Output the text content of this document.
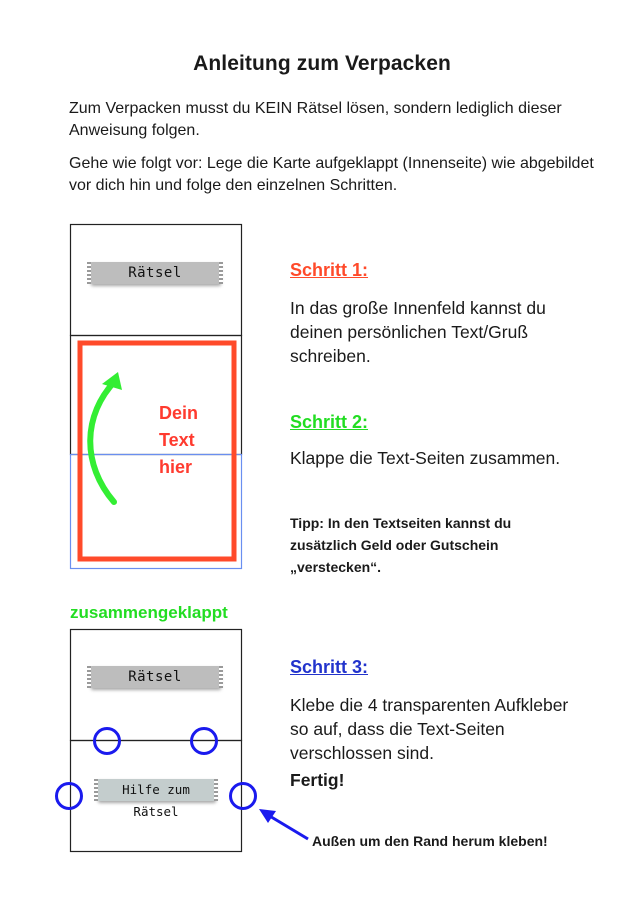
Anleitung zum Verpacken
Zum Verpacken musst du KEIN Rätsel lösen, sondern lediglich dieser Anweisung folgen.
Gehe wie folgt vor: Lege die Karte aufgeklappt (Innenseite) wie abgebildet vor dich hin und folge den einzelnen Schritten.
Rätsel
Dein
Text
hier
Schritt 1:
In das große Innenfeld kannst du deinen persönlichen Text/Gruß schreiben.
Schritt 2:
Klappe die Text-Seiten zusammen.
Tipp: In den Textseiten kannst du zusätzlich Geld oder Gutschein „verstecken“.
zusammengeklappt
Rätsel
Hilfe zum Rätsel
Schritt 3:
Klebe die 4 transparenten Aufkleber so auf, dass die Text-Seiten verschlossen sind.
Fertig!
Außen um den Rand herum kleben!
